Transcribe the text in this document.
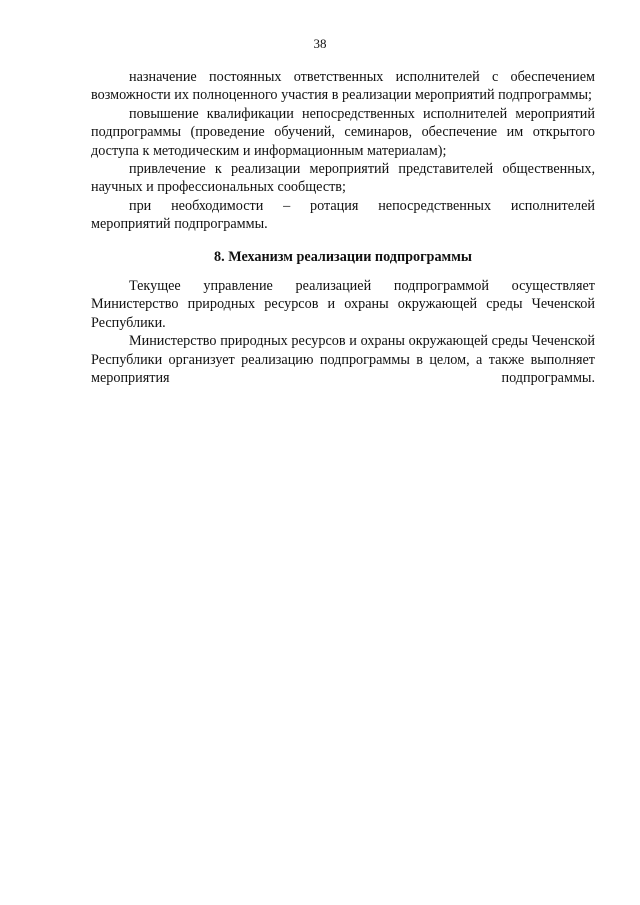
38

назначение постоянных ответственных исполнителей с обеспечением возможности их полноценного участия в реализации мероприятий подпрограммы;

повышение квалификации непосредственных исполнителей мероприятий подпрограммы (проведение обучений, семинаров, обеспечение им открытого доступа к методическим и информационным материалам);

привлечение к реализации мероприятий представителей общественных, научных и профессиональных сообществ;

при необходимости – ротация непосредственных исполнителей мероприятий подпрограммы.

8. Механизм реализации подпрограммы

Текущее управление реализацией подпрограммой осуществляет Министерство природных ресурсов и охраны окружающей среды Чеченской Республики.

Министерство природных ресурсов и охраны окружающей среды Чеченской Республики организует реализацию подпрограммы в целом, а также выполняет мероприятия подпрограммы.
